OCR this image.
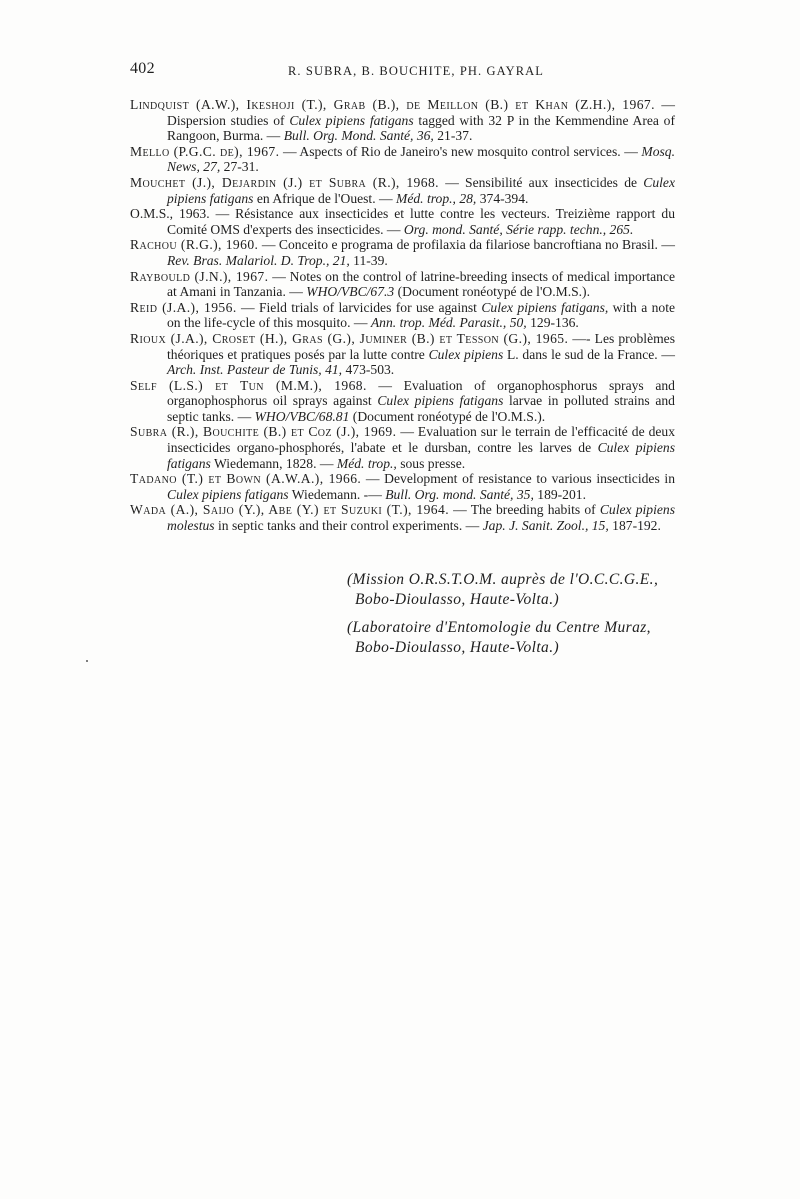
402	R. SUBRA, B. BOUCHITE, PH. GAYRAL

Lindquist (A.W.), Ikeshoji (T.), Grab (B.), de Meillon (B.) et Khan (Z.H.), 1967. — Dispersion studies of Culex pipiens fatigans tagged with 32 P in the Kemmendine Area of Rangoon, Burma. — Bull. Org. Mond. Santé, 36, 21-37.

Mello (P.G.C. de), 1967. — Aspects of Rio de Janeiro's new mosquito control services. — Mosq. News, 27, 27-31.

Mouchet (J.), Dejardin (J.) et Subra (R.), 1968. — Sensibilité aux insecticides de Culex pipiens fatigans en Afrique de l'Ouest. — Méd. trop., 28, 374-394.

O.M.S., 1963. — Résistance aux insecticides et lutte contre les vecteurs. Treizième rapport du Comité OMS d'experts des insecticides. — Org. mond. Santé, Série rapp. techn., 265.

Rachou (R.G.), 1960. — Conceito e programa de profilaxia da filariose bancroftiana no Brasil. — Rev. Bras. Malariol. D. Trop., 21, 11-39.

Raybould (J.N.), 1967. — Notes on the control of latrine-breeding insects of medical importance at Amani in Tanzania. — WHO/VBC/67.3 (Document ronéotypé de l'O.M.S.).

Reid (J.A.), 1956. — Field trials of larvicides for use against Culex pipiens fatigans, with a note on the life-cycle of this mosquito. — Ann. trop. Méd. Parasit., 50, 129-136.

Rioux (J.A.), Croset (H.), Gras (G.), Juminer (B.) et Tesson (G.), 1965. —- Les problèmes théoriques et pratiques posés par la lutte contre Culex pipiens L. dans le sud de la France. — Arch. Inst. Pasteur de Tunis, 41, 473-503.

Self (L.S.) et Tun (M.M.), 1968. — Evaluation of organophosphorus sprays and organophosphorus oil sprays against Culex pipiens fatigans larvae in polluted strains and septic tanks. — WHO/VBC/68.81 (Document ronéotypé de l'O.M.S.).

Subra (R.), Bouchite (B.) et Coz (J.), 1969. — Evaluation sur le terrain de l'efficacité de deux insecticides organo-phosphorés, l'abate et le dursban, contre les larves de Culex pipiens fatigans Wiedemann, 1828. — Méd. trop., sous presse.

Tadano (T.) et Bown (A.W.A.), 1966. — Development of resistance to various insecticides in Culex pipiens fatigans Wiedemann. -— Bull. Org. mond. Santé, 35, 189-201.

Wada (A.), Saijo (Y.), Abe (Y.) et Suzuki (T.), 1964. — The breeding habits of Culex pipiens molestus in septic tanks and their control experiments. — Jap. J. Sanit. Zool., 15, 187-192.

(Mission O.R.S.T.O.M. auprès de l'O.C.C.G.E.,
Bobo-Dioulasso, Haute-Volta.)

(Laboratoire d'Entomologie du Centre Muraz,
Bobo-Dioulasso, Haute-Volta.)
